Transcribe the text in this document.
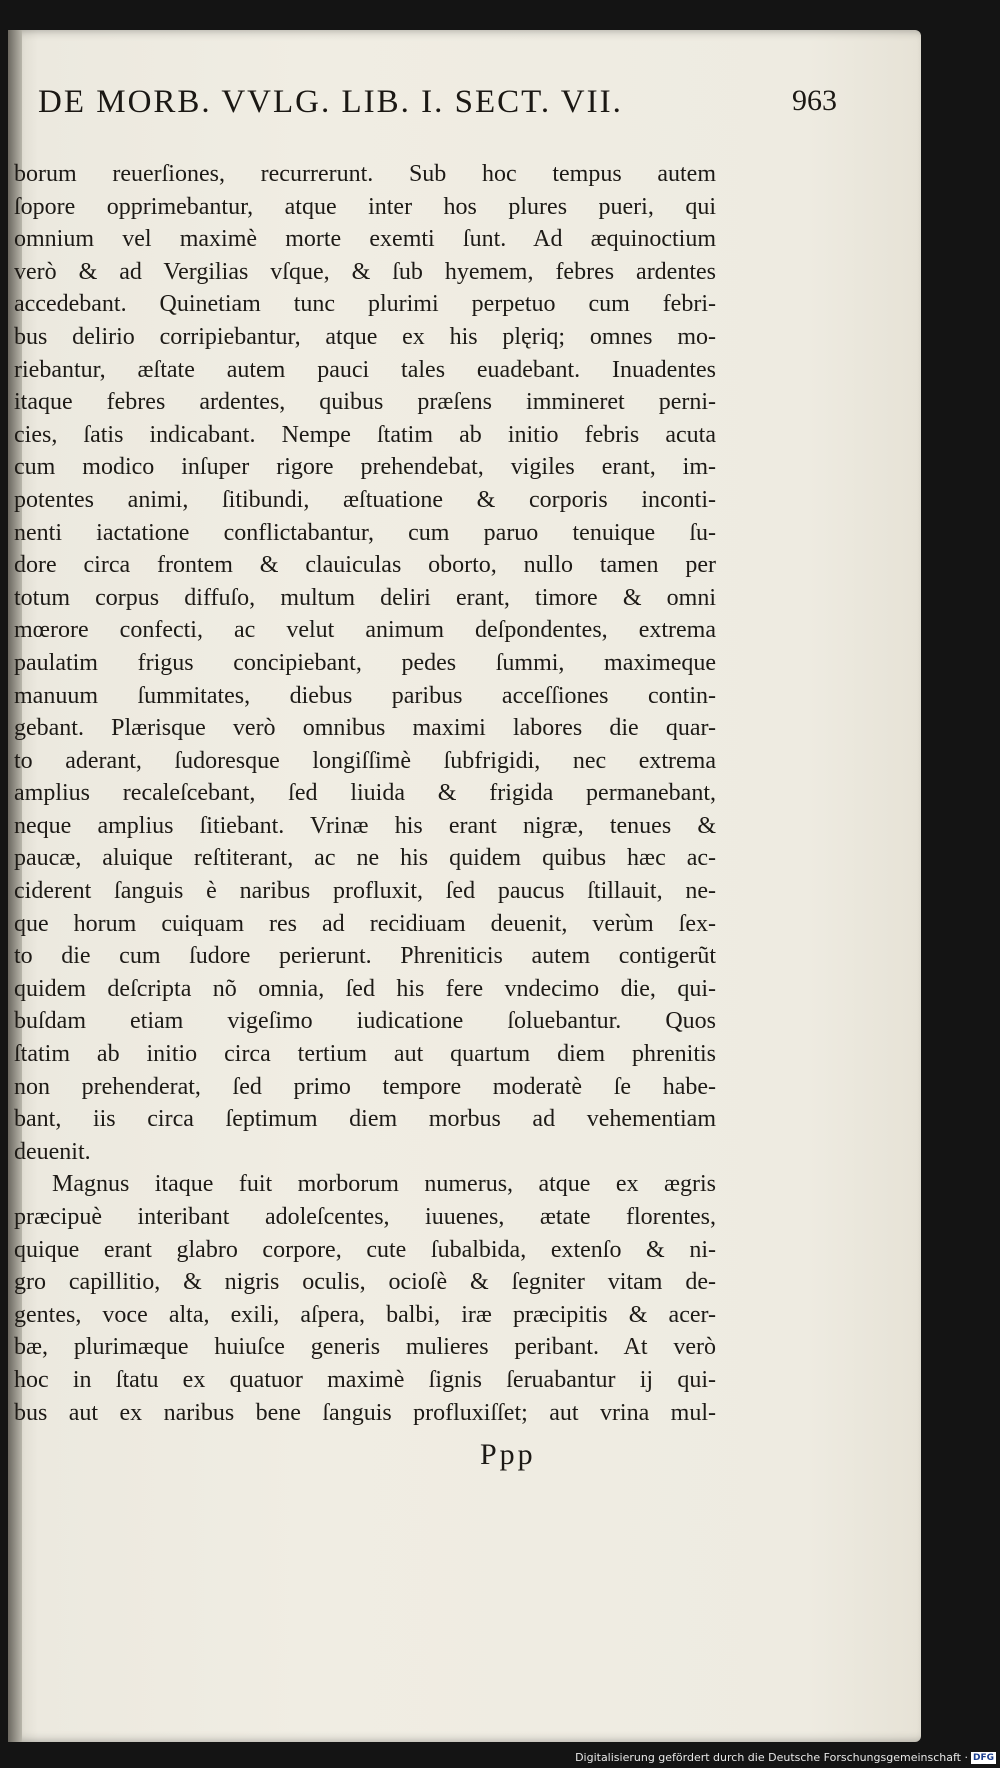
DE MORB. VVLG. LIB. I. SECT. VII.	963
borum reuerſiones, recurrerunt. Sub hoc tempus autem
ſopore opprimebantur, atque inter hos plures pueri, qui
omnium vel maximè morte exemti ſunt. Ad æquinoctium
verò & ad Vergilias vſque, & ſub hyemem, febres ardentes
accedebant. Quinetiam tunc plurimi perpetuo cum febri-
bus delirio corripiebantur, atque ex his plęriq; omnes mo-
riebantur, æſtate autem pauci tales euadebant. Inuadentes
itaque febres ardentes, quibus præſens immineret perni-
cies, ſatis indicabant. Nempe ſtatim ab initio febris acuta
cum modico inſuper rigore prehendebat, vigiles erant, im-
potentes animi, ſitibundi, æſtuatione & corporis inconti-
nenti iactatione conflictabantur, cum paruo tenuique ſu-
dore circa frontem & clauiculas oborto, nullo tamen per
totum corpus diffuſo, multum deliri erant, timore & omni
mœrore confecti, ac velut animum deſpondentes, extrema
paulatim frigus concipiebant, pedes ſummi, maximeque
manuum ſummitates, diebus paribus acceſſiones contin-
gebant. Plærisque verò omnibus maximi labores die quar-
to aderant, ſudoresque longiſſimè ſubfrigidi, nec extrema
amplius recaleſcebant, ſed liuida & frigida permanebant,
neque amplius ſitiebant. Vrinæ his erant nigræ, tenues &
paucæ, aluique reſtiterant, ac ne his quidem quibus hæc ac-
ciderent ſanguis è naribus profluxit, ſed paucus ſtillauit, ne-
que horum cuiquam res ad recidiuam deuenit, verùm ſex-
to die cum ſudore perierunt. Phreniticis autem contigerũt
quidem deſcripta nõ omnia, ſed his fere vndecimo die, qui-
buſdam etiam vigeſimo iudicatione ſoluebantur. Quos
ſtatim ab initio circa tertium aut quartum diem phrenitis
non prehenderat, ſed primo tempore moderatè ſe habe-
bant, iis circa ſeptimum diem morbus ad vehementiam
deuenit.
Magnus itaque fuit morborum numerus, atque ex ægris
præcipuè interibant adoleſcentes, iuuenes, ætate florentes,
quique erant glabro corpore, cute ſubalbida, extenſo & ni-
gro capillitio, & nigris oculis, ocioſè & ſegniter vitam de-
gentes, voce alta, exili, aſpera, balbi, iræ præcipitis & acer-
bæ, plurimæque huiuſce generis mulieres peribant. At verò
hoc in ſtatu ex quatuor maximè ſignis ſeruabantur ij qui-
bus aut ex naribus bene ſanguis profluxiſſet; aut vrina mul-
Ppp
Digitalisierung gefördert durch die Deutsche Forschungsgemeinschaft · DFG
